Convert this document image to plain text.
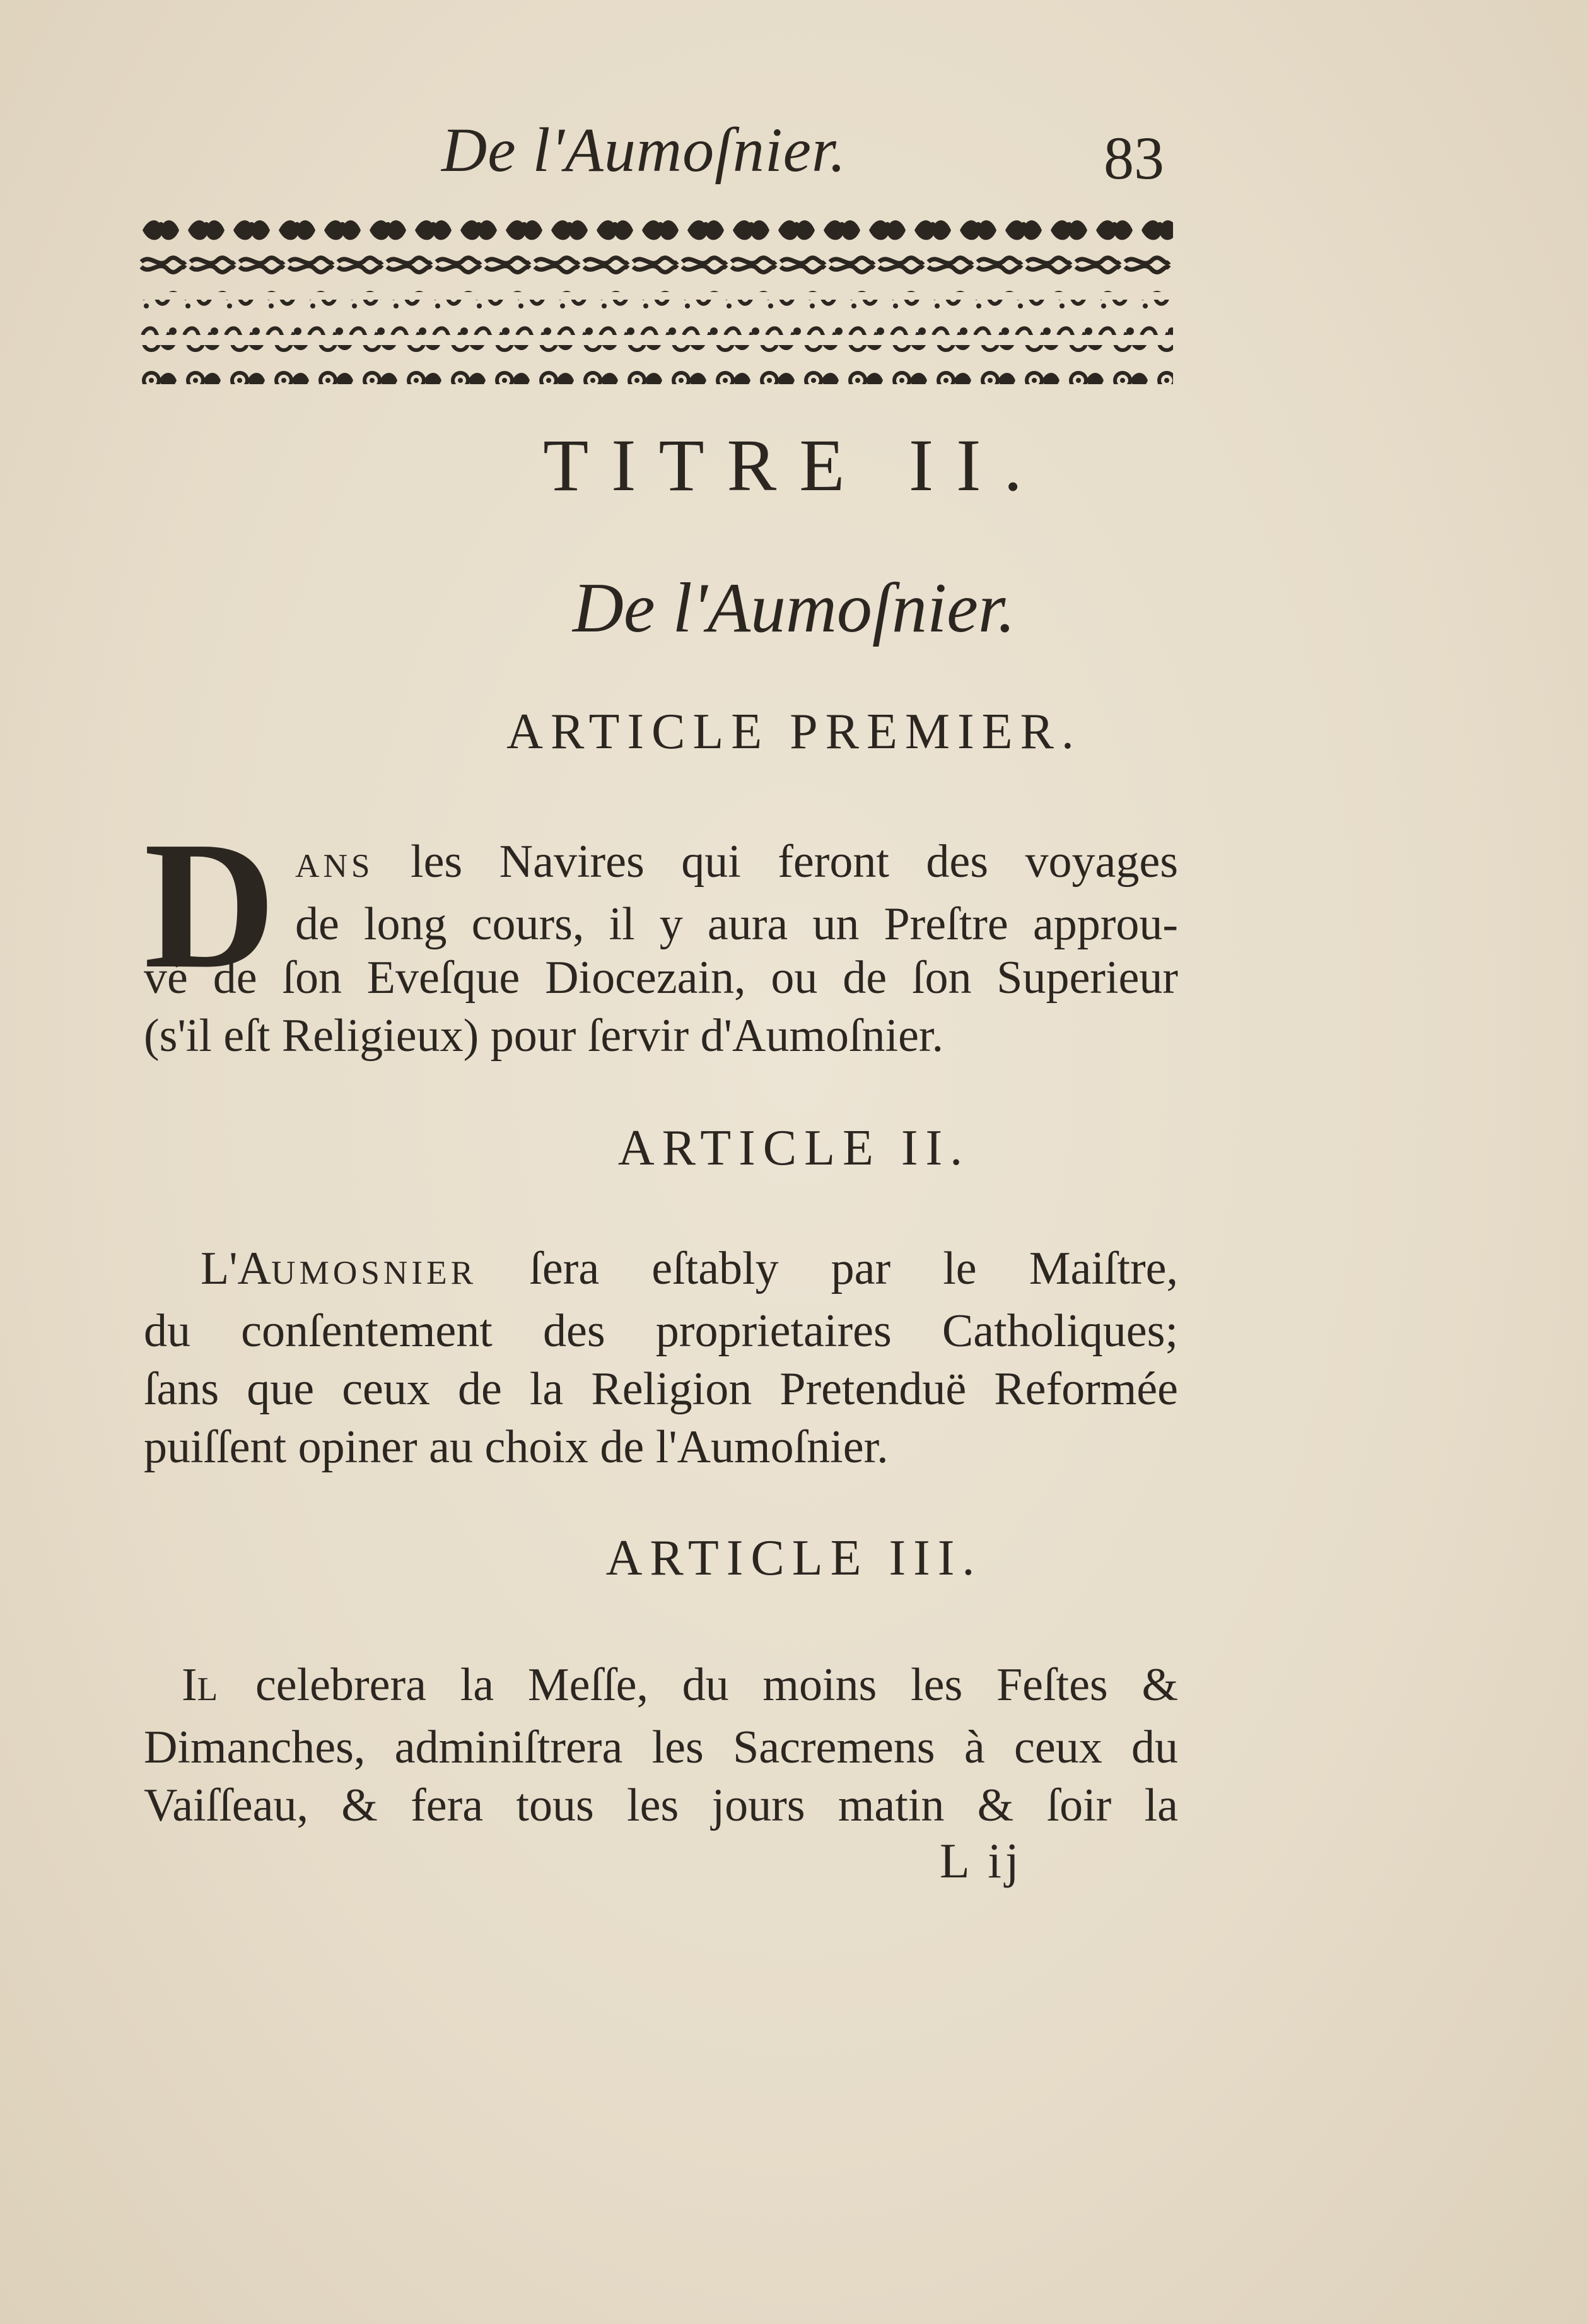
De l'Aumoſnier.	83
TITRE II.
De l'Aumoſnier.
ARTICLE PREMIER.
D ANS les Navires qui feront des voyages
de long cours, il y aura un Preſtre approu-
vé de ſon Eveſque Diocezain, ou de ſon Superieur
(s'il eſt Religieux) pour ſervir d'Aumoſnier.
ARTICLE II.
L'AUMOSNIER ſera eſtably par le Maiſtre,
du conſentement des proprietaires Catholiques;
ſans que ceux de la Religion Pretenduë Reformée
puiſſent opiner au choix de l'Aumoſnier.
ARTICLE III.
IL celebrera la Meſſe, du moins les Feſtes &
Dimanches, adminiſtrera les Sacremens à ceux du
Vaiſſeau, & fera tous les jours matin & ſoir la
L ij
